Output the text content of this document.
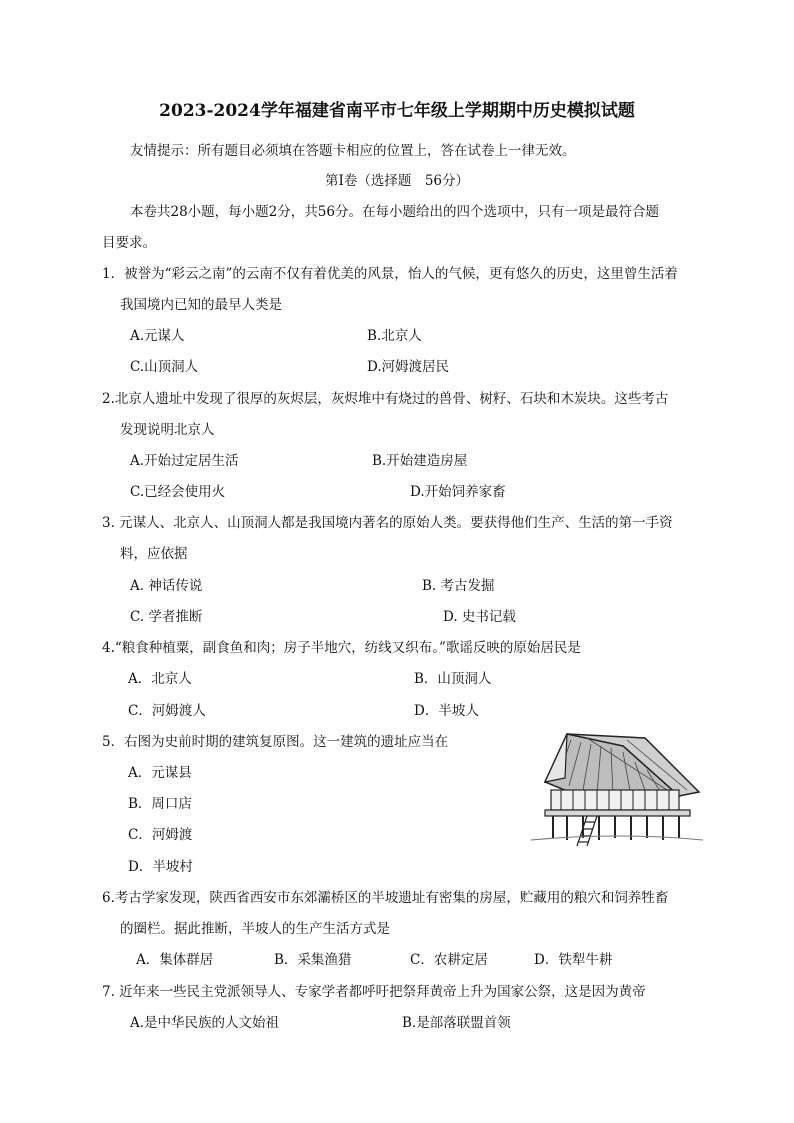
2023-2024学年福建省南平市七年级上学期期中历史模拟试题
友情提示：所有题目必须填在答题卡相应的位置上，答在试卷上一律无效。
第Ⅰ卷（选择题　56分）
本卷共28小题，每小题2分，共56分。在每小题给出的四个选项中，只有一项是最符合题
目要求。
1．被誉为“彩云之南”的云南不仅有着优美的风景，怡人的气候，更有悠久的历史，这里曾生活着
我国境内已知的最早人类是
A.元谋人	B.北京人
C.山顶洞人	D.河姆渡居民
2.北京人遗址中发现了很厚的灰烬层，灰烬堆中有烧过的兽骨、树籽、石块和木炭块。这些考古
发现说明北京人
A.开始过定居生活	B.开始建造房屋
C.已经会使用火	D.开始饲养家畜
3. 元谋人、北京人、山顶洞人都是我国境内著名的原始人类。要获得他们生产、生活的第一手资
料，应依据
A. 神话传说	B. 考古发掘
C. 学者推断	D. 史书记载
4.“粮食种植粟，副食鱼和肉；房子半地穴，纺线又织布。”歌谣反映的原始居民是
A．北京人	B．山顶洞人
C．河姆渡人	D．半坡人
5．右图为史前时期的建筑复原图。这一建筑的遗址应当在
A．元谋县
B．周口店
C．河姆渡
D．半坡村
6.考古学家发现，陕西省西安市东郊灞桥区的半坡遗址有密集的房屋，贮藏用的粮穴和饲养牲畜
的圈栏。据此推断，半坡人的生产生活方式是
A．集体群居	B．采集渔猎	C．农耕定居	D．铁犁牛耕
7. 近年来一些民主党派领导人、专家学者都呼吁把祭拜黄帝上升为国家公祭，这是因为黄帝
A.是中华民族的人文始祖	B.是部落联盟首领
